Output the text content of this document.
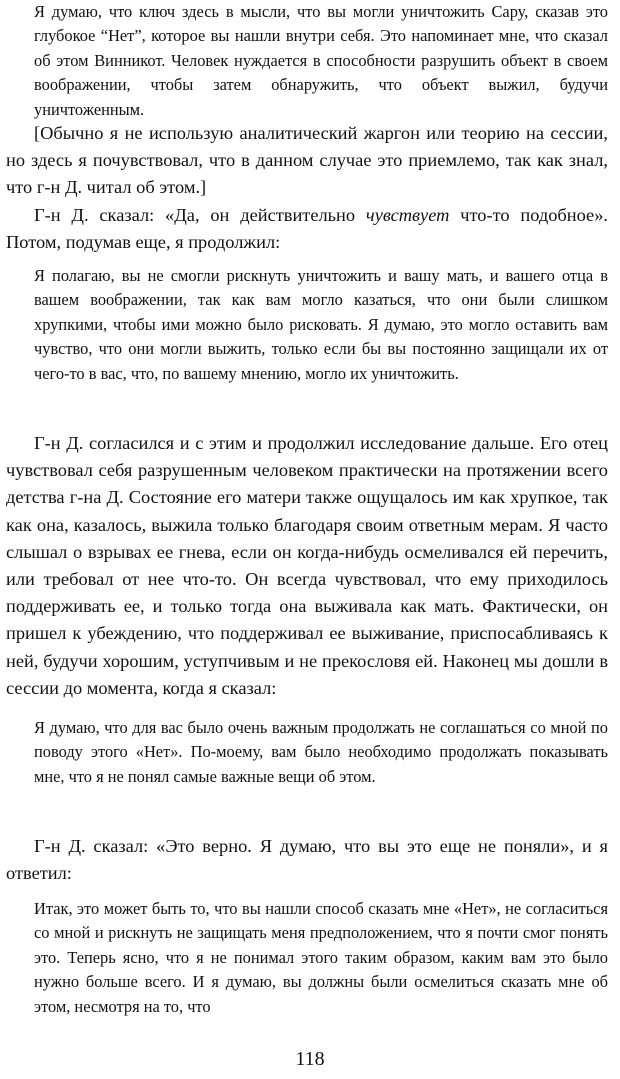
Я думаю, что ключ здесь в мысли, что вы могли уничтожить Сару, сказав это глубокое “Нет”, которое вы нашли внутри себя. Это напоминает мне, что сказал об этом Винникот. Человек нуждается в способности разрушить объект в своем воображении, чтобы затем обнаружить, что объект выжил, будучи уничтоженным.

[Обычно я не использую аналитический жаргон или теорию на сессии, но здесь я почувствовал, что в данном случае это приемлемо, так как знал, что г-н Д. читал об этом.]

Г-н Д. сказал: «Да, он действительно чувствует что-то подобное». Потом, подумав еще, я продолжил:

Я полагаю, вы не смогли рискнуть уничтожить и вашу мать, и вашего отца в вашем воображении, так как вам могло казаться, что они были слишком хрупкими, чтобы ими можно было рисковать. Я думаю, это могло оставить вам чувство, что они могли выжить, только если бы вы постоянно защищали их от чего-то в вас, что, по вашему мнению, могло их уничтожить.

Г-н Д. согласился и с этим и продолжил исследование дальше. Его отец чувствовал себя разрушенным человеком практически на протяжении всего детства г-на Д. Состояние его матери также ощущалось им как хрупкое, так как она, казалось, выжила только благодаря своим ответным мерам. Я часто слышал о взрывах ее гнева, если он когда-нибудь осмеливался ей перечить, или требовал от нее что-то. Он всегда чувствовал, что ему приходилось поддерживать ее, и только тогда она выживала как мать. Фактически, он пришел к убеждению, что поддерживал ее выживание, приспосабливаясь к ней, будучи хорошим, уступчивым и не прекословя ей. Наконец мы дошли в сессии до момента, когда я сказал:

Я думаю, что для вас было очень важным продолжать не соглашаться со мной по поводу этого «Нет». По-моему, вам было необходимо продолжать показывать мне, что я не понял самые важные вещи об этом.

Г-н Д. сказал: «Это верно. Я думаю, что вы это еще не поняли», и я ответил:

Итак, это может быть то, что вы нашли способ сказать мне «Нет», не согласиться со мной и рискнуть не защищать меня предположением, что я почти смог понять это. Теперь ясно, что я не понимал этого таким образом, каким вам это было нужно больше всего. И я думаю, вы должны были осмелиться сказать мне об этом, несмотря на то, что

118
